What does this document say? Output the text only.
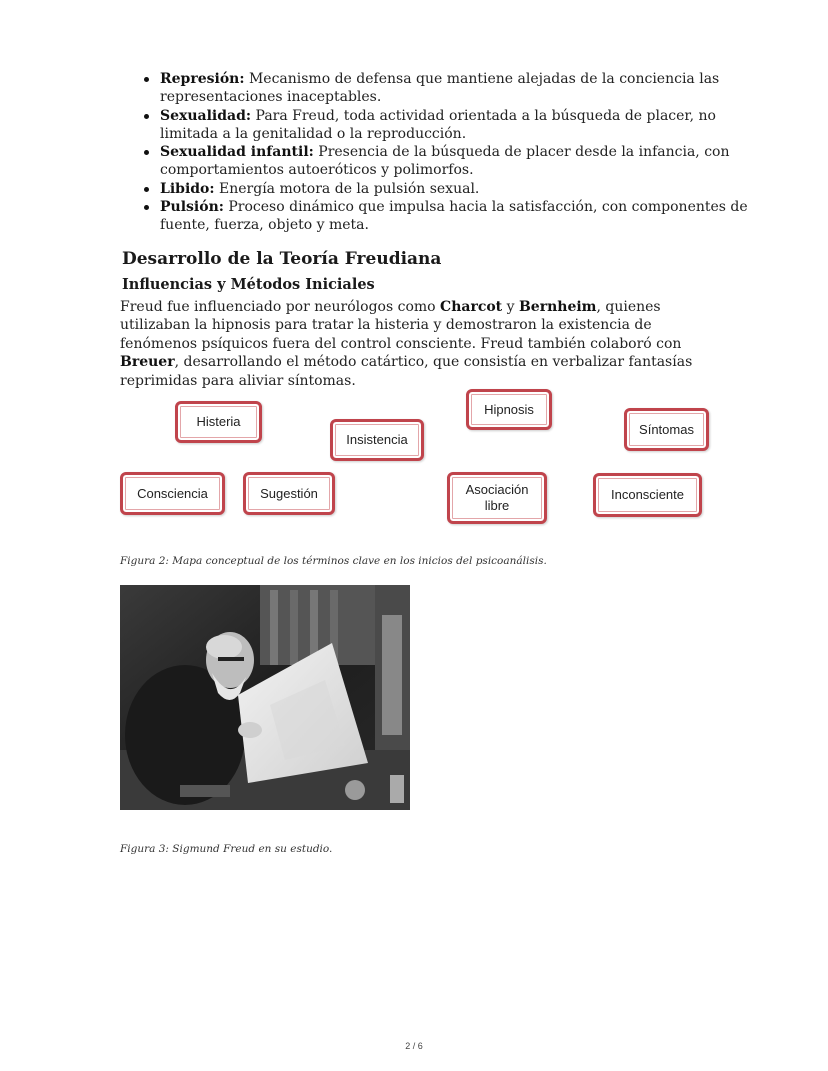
Represión: Mecanismo de defensa que mantiene alejadas de la conciencia las representaciones inaceptables.
Sexualidad: Para Freud, toda actividad orientada a la búsqueda de placer, no limitada a la genitalidad o la reproducción.
Sexualidad infantil: Presencia de la búsqueda de placer desde la infancia, con comportamientos autoeróticos y polimorfos.
Libido: Energía motora de la pulsión sexual.
Pulsión: Proceso dinámico que impulsa hacia la satisfacción, con componentes de fuente, fuerza, objeto y meta.
Desarrollo de la Teoría Freudiana
Influencias y Métodos Iniciales

Freud fue influenciado por neurólogos como Charcot y Bernheim, quienes utilizaban la hipnosis para tratar la histeria y demostraron la existencia de fenómenos psíquicos fuera del control consciente. Freud también colaboró con Breuer, desarrollando el método catártico, que consistía en verbalizar fantasías reprimidas para aliviar síntomas.

Histeria
Insistencia
Hipnosis
Síntomas
Consciencia	Sugestión	Asociación
libre
Inconsciente

Figura 2: Mapa conceptual de los términos clave en los inicios del psicoanálisis.

Figura 3: Sigmund Freud en su estudio.

2 / 6
